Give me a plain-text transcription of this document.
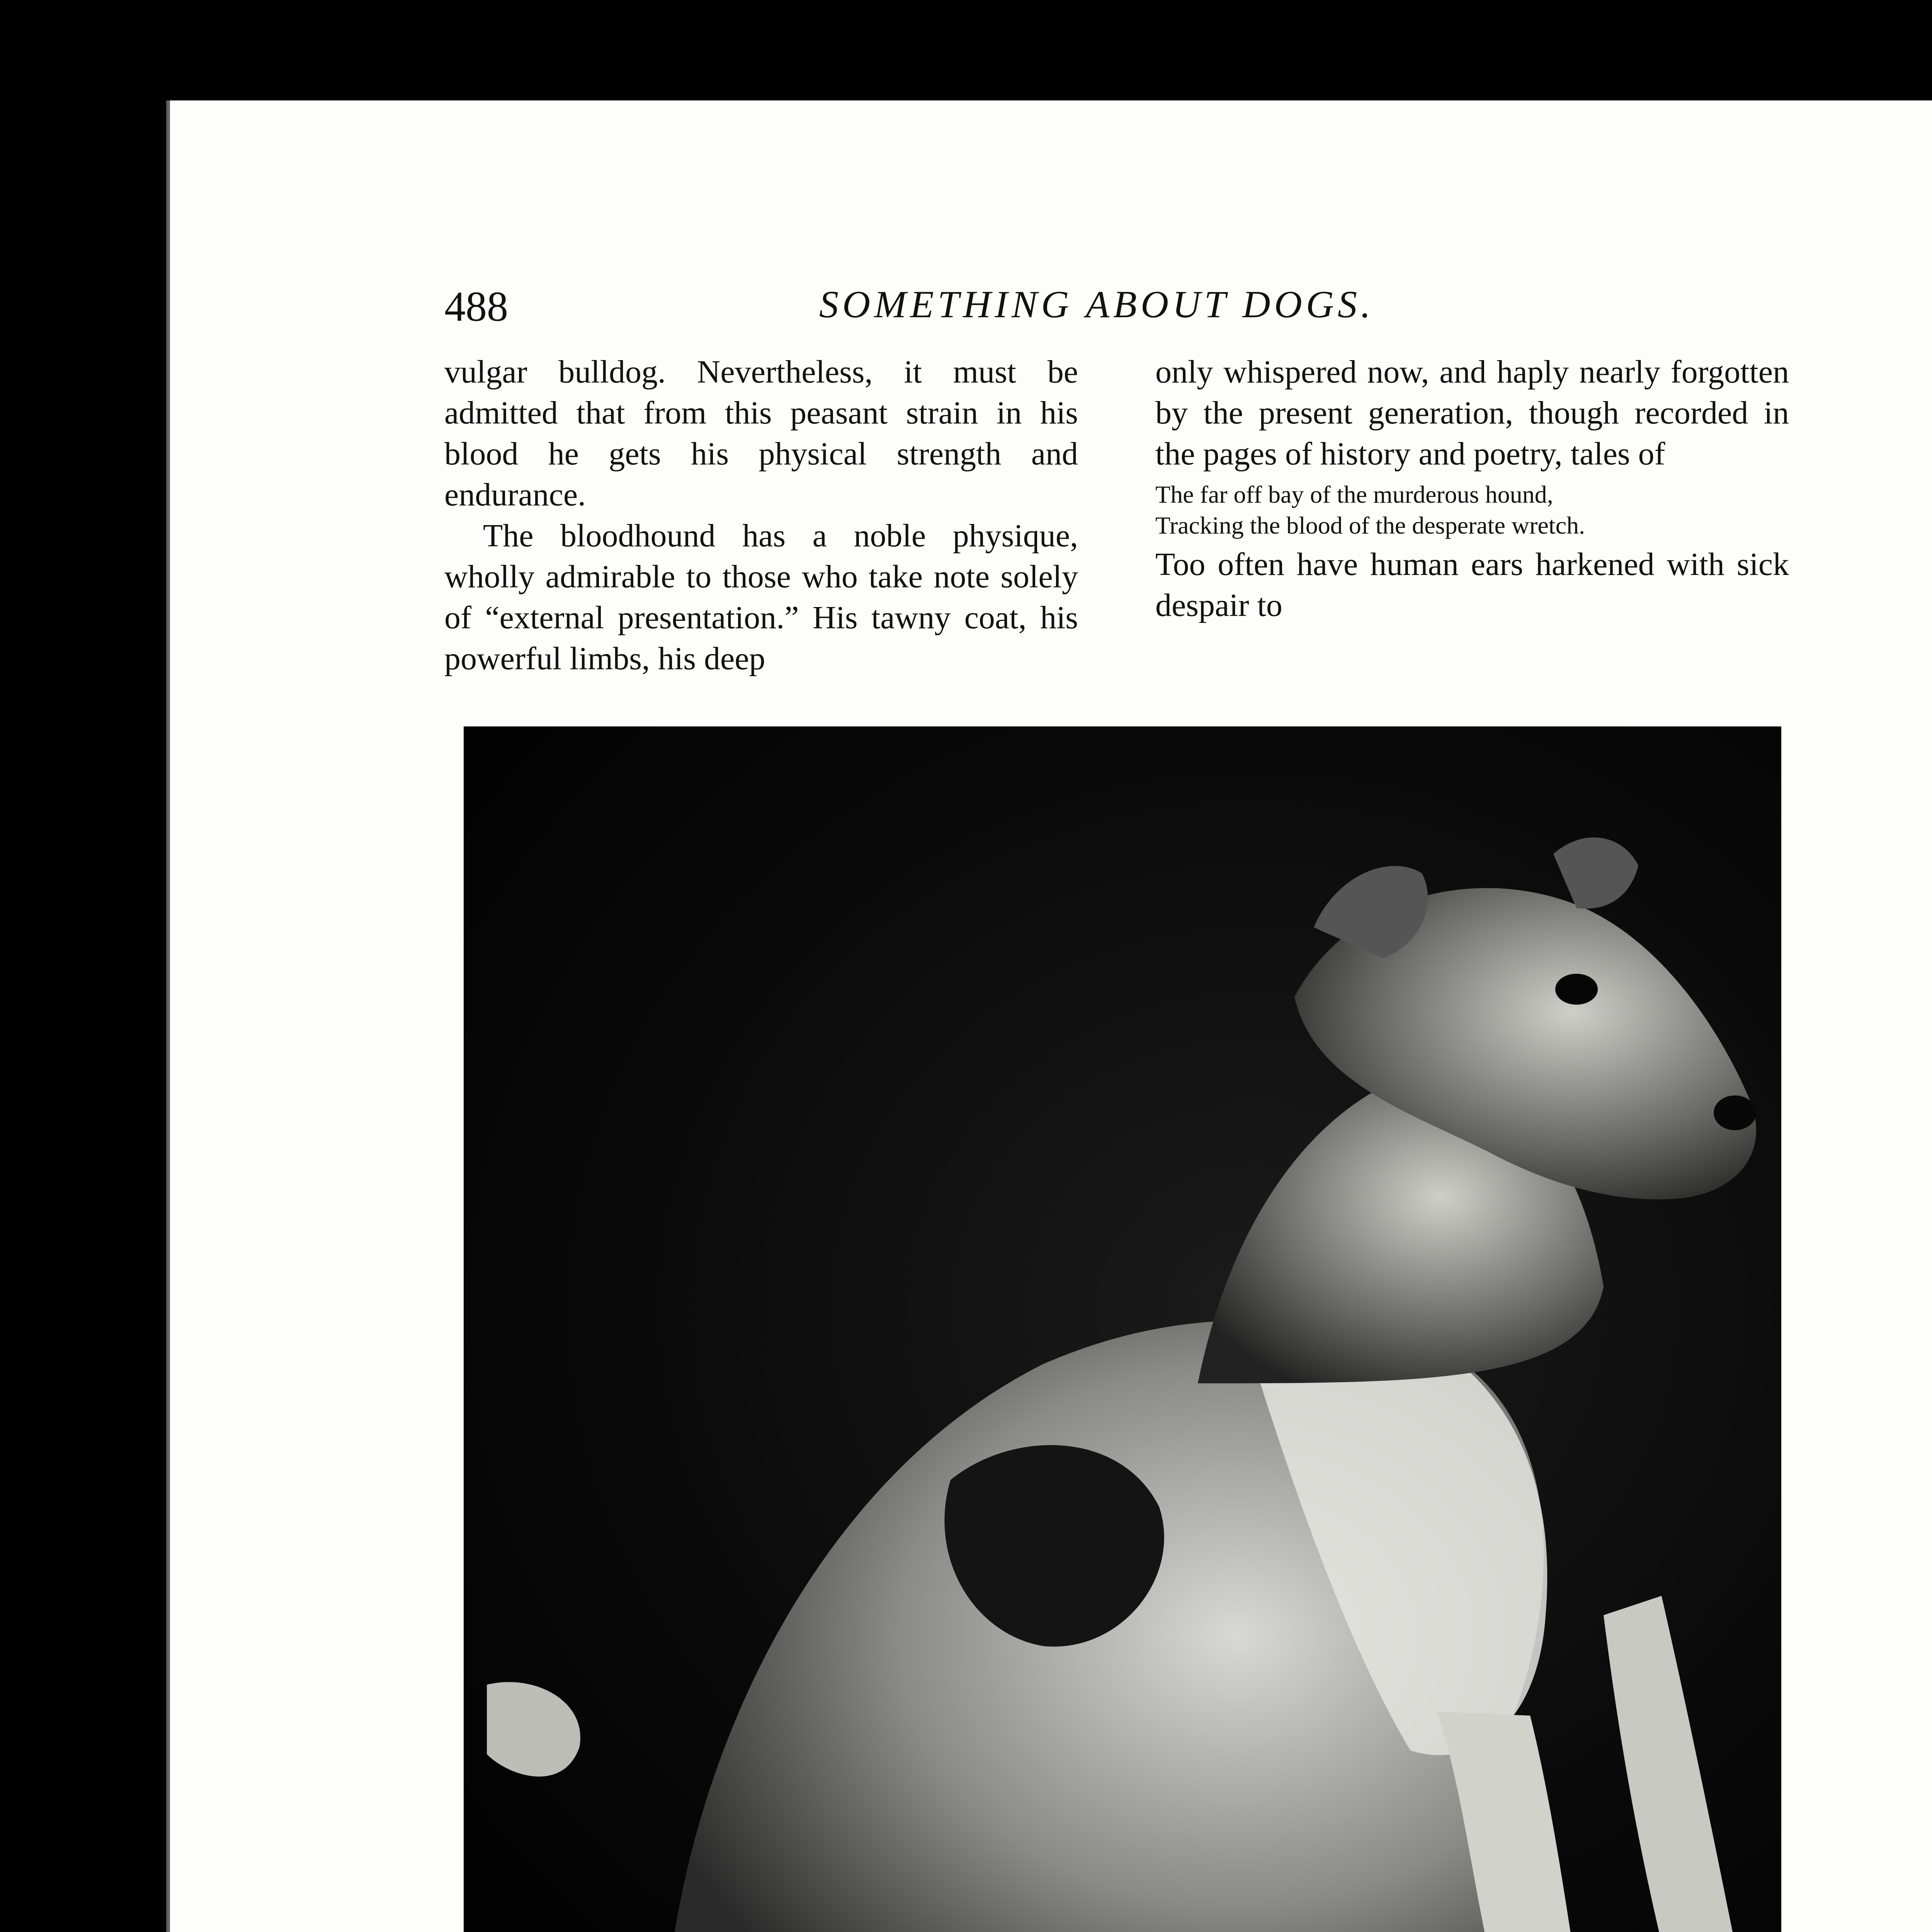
488	SOMETHING ABOUT DOGS.

vulgar bulldog. Nevertheless, it must be admitted that from this peasant strain in his blood he gets his physical strength and endurance.

The bloodhound has a noble physique, wholly admirable to those who take note solely of “external presentation.” His tawny coat, his powerful limbs, his deep

only whispered now, and haply nearly forgotten by the present generation, though recorded in the pages of history and poetry, tales of

The far off bay of the murderous hound,
Tracking the blood of the desperate wretch.

Too often have human ears harkened with sick despair to
